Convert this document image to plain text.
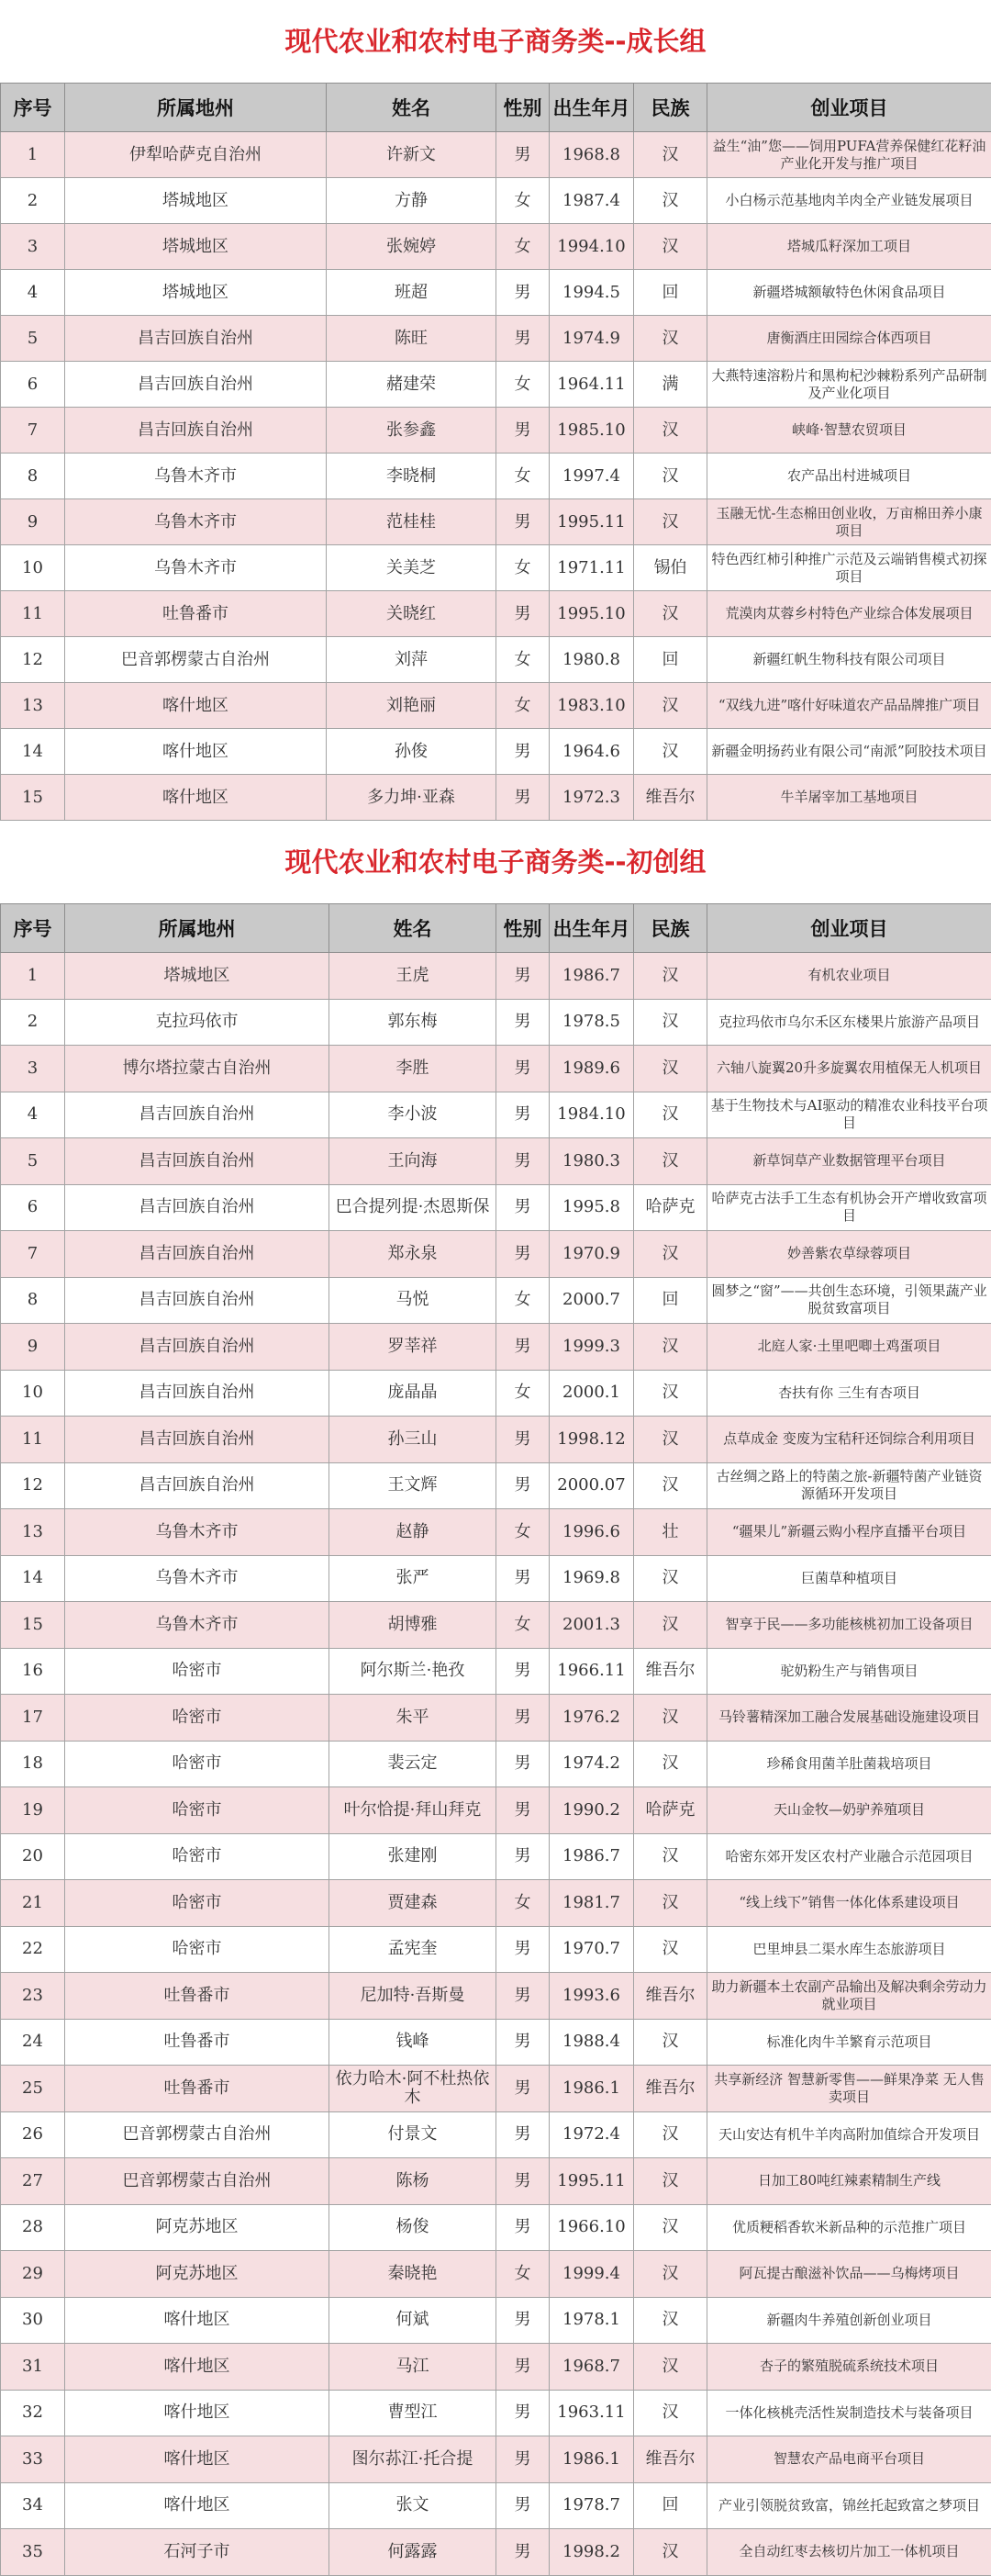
现代农业和农村电子商务类--成长组
序号	所属地州	姓名	性别	出生年月	民族	创业项目
1	伊犁哈萨克自治州	许新文	男	1968.8	汉	益生“油”您——饲用PUFA营养保健红花籽油产业化开发与推广项目
2	塔城地区	方静	女	1987.4	汉	小白杨示范基地肉羊肉全产业链发展项目
3	塔城地区	张婉婷	女	1994.10	汉	塔城瓜籽深加工项目
4	塔城地区	班超	男	1994.5	回	新疆塔城额敏特色休闲食品项目
5	昌吉回族自治州	陈旺	男	1974.9	汉	唐衡酒庄田园综合体西项目
6	昌吉回族自治州	赭建荣	女	1964.11	满	大燕特速溶粉片和黑枸杞沙棘粉系列产品研制及产业化项目
7	昌吉回族自治州	张参鑫	男	1985.10	汉	峡峰·智慧农贸项目
8	乌鲁木齐市	李晓桐	女	1997.4	汉	农产品出村进城项目
9	乌鲁木齐市	范桂桂	男	1995.11	汉	玉融无忧-生态棉田创业收，万亩棉田养小康项目
10	乌鲁木齐市	关美芝	女	1971.11	锡伯	特色西红柿引种推广示范及云端销售模式初探项目
11	吐鲁番市	关晓红	男	1995.10	汉	荒漠肉苁蓉乡村特色产业综合体发展项目
12	巴音郭楞蒙古自治州	刘萍	女	1980.8	回	新疆红帆生物科技有限公司项目
13	喀什地区	刘艳丽	女	1983.10	汉	“双线九进”喀什好味道农产品品牌推广项目
14	喀什地区	孙俊	男	1964.6	汉	新疆金明扬药业有限公司“南派”阿胶技术项目
15	喀什地区	多力坤·亚森	男	1972.3	维吾尔	牛羊屠宰加工基地项目
现代农业和农村电子商务类--初创组
序号	所属地州	姓名	性别	出生年月	民族	创业项目
1	塔城地区	王虎	男	1986.7	汉	有机农业项目
2	克拉玛依市	郭东梅	男	1978.5	汉	克拉玛依市乌尔禾区东楼果片旅游产品项目
3	博尔塔拉蒙古自治州	李胜	男	1989.6	汉	六轴八旋翼20升多旋翼农用植保无人机项目
4	昌吉回族自治州	李小波	男	1984.10	汉	基于生物技术与AI驱动的精准农业科技平台项目
5	昌吉回族自治州	王向海	男	1980.3	汉	新草饲草产业数据管理平台项目
6	昌吉回族自治州	巴合提列提·杰恩斯保	男	1995.8	哈萨克	哈萨克古法手工生态有机协会开产增收致富项目
7	昌吉回族自治州	郑永泉	男	1970.9	汉	妙善紫农草绿蓉项目
8	昌吉回族自治州	马悦	女	2000.7	回	圆梦之“窗”——共创生态环境，引领果蔬产业脱贫致富项目
9	昌吉回族自治州	罗莘祥	男	1999.3	汉	北庭人家·土里吧唧土鸡蛋项目
10	昌吉回族自治州	庞晶晶	女	2000.1	汉	杏扶有你 三生有杏项目
11	昌吉回族自治州	孙三山	男	1998.12	汉	点草成金 变废为宝秸秆还饲综合利用项目
12	昌吉回族自治州	王文辉	男	2000.07	汉	古丝绸之路上的特菌之旅-新疆特菌产业链资源循环开发项目
13	乌鲁木齐市	赵静	女	1996.6	壮	“疆果儿”新疆云购小程序直播平台项目
14	乌鲁木齐市	张严	男	1969.8	汉	巨菌草种植项目
15	乌鲁木齐市	胡博雅	女	2001.3	汉	智享于民——多功能核桃初加工设备项目
16	哈密市	阿尔斯兰·艳孜	男	1966.11	维吾尔	驼奶粉生产与销售项目
17	哈密市	朱平	男	1976.2	汉	马铃薯精深加工融合发展基础设施建设项目
18	哈密市	裴云定	男	1974.2	汉	珍稀食用菌羊肚菌栽培项目
19	哈密市	叶尔恰提·拜山拜克	男	1990.2	哈萨克	天山金牧—奶驴养殖项目
20	哈密市	张建刚	男	1986.7	汉	哈密东郊开发区农村产业融合示范园项目
21	哈密市	贾建森	女	1981.7	汉	“线上线下”销售一体化体系建设项目
22	哈密市	孟宪奎	男	1970.7	汉	巴里坤县二渠水库生态旅游项目
23	吐鲁番市	尼加特·吾斯曼	男	1993.6	维吾尔	助力新疆本土农副产品输出及解决剩余劳动力就业项目
24	吐鲁番市	钱峰	男	1988.4	汉	标准化肉牛羊繁育示范项目
25	吐鲁番市	依力哈木·阿不杜热依木	男	1986.1	维吾尔	共享新经济 智慧新零售——鲜果净菜 无人售卖项目
26	巴音郭楞蒙古自治州	付景文	男	1972.4	汉	天山安达有机牛羊肉高附加值综合开发项目
27	巴音郭楞蒙古自治州	陈杨	男	1995.11	汉	日加工80吨红辣素精制生产线
28	阿克苏地区	杨俊	男	1966.10	汉	优质粳稻香软米新品种的示范推广项目
29	阿克苏地区	秦晓艳	女	1999.4	汉	阿瓦提古酿滋补饮品——乌梅烤项目
30	喀什地区	何斌	男	1978.1	汉	新疆肉牛养殖创新创业项目
31	喀什地区	马江	男	1968.7	汉	杏子的繁殖脱硫系统技术项目
32	喀什地区	曹型江	男	1963.11	汉	一体化核桃壳活性炭制造技术与装备项目
33	喀什地区	图尔荪江·托合提	男	1986.1	维吾尔	智慧农产品电商平台项目
34	喀什地区	张文	男	1978.7	回	产业引领脱贫致富，锦丝托起致富之梦项目
35	石河子市	何露露	男	1998.2	汉	全自动红枣去核切片加工一体机项目
